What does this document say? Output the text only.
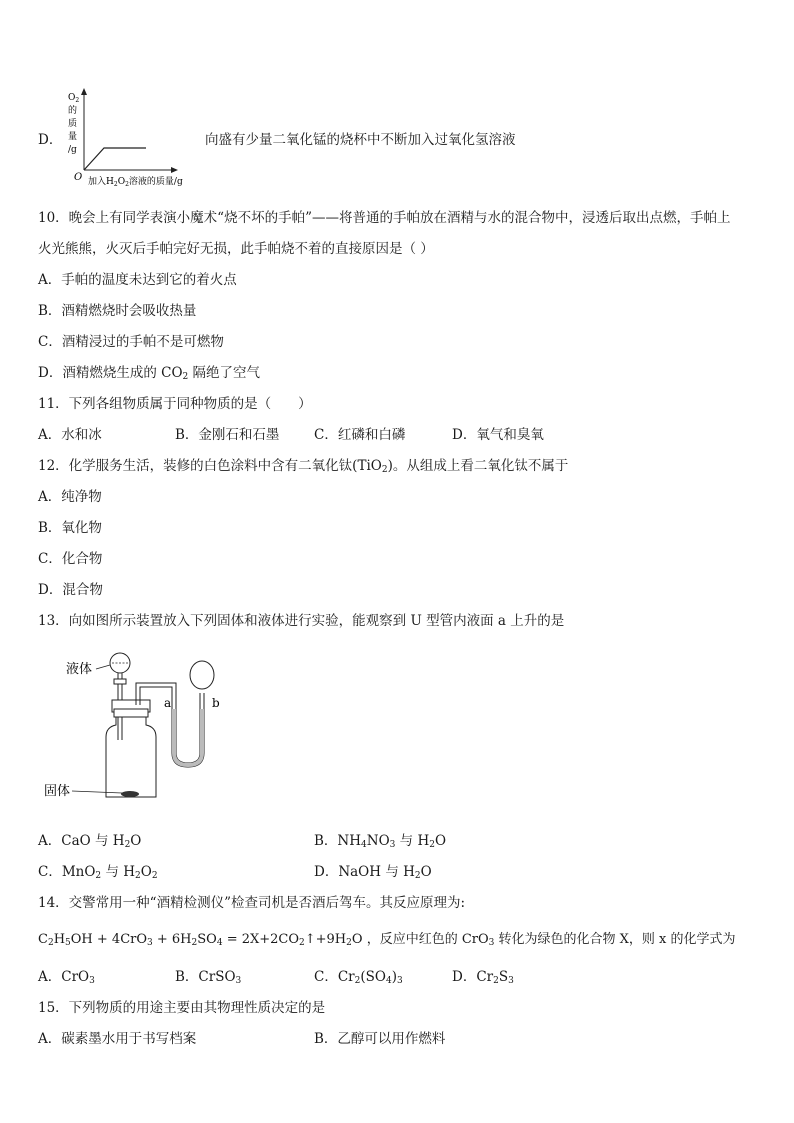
D．
$O_2$
的
质
量
/g
O 加入$H_2O_2$溶液的质量/g
向盛有少量二氧化锰的烧杯中不断加入过氧化氢溶液
10．晚会上有同学表演小魔术“烧不坏的手帕”——将普通的手帕放在酒精与水的混合物中，浸透后取出点燃，手帕上
火光熊熊，火灭后手帕完好无损，此手帕烧不着的直接原因是（ ）
A．手帕的温度未达到它的着火点
B．酒精燃烧时会吸收热量
C．酒精浸过的手帕不是可燃物
D．酒精燃烧生成的 $CO_2$ 隔绝了空气
11．下列各组物质属于同种物质的是（　　）
A．水和冰	B．金刚石和石墨	C．红磷和白磷	D．氧气和臭氧
12．化学服务生活，装修的白色涂料中含有二氧化钛(TiO$_2$)。从组成上看二氧化钛不属于
A．纯净物
B．氧化物
C．化合物
D．混合物
13．向如图所示装置放入下列固体和液体进行实验，能观察到 U 型管内液面 a 上升的是
液体
固体
a	b
A．CaO 与 $H_2O$	B．$NH_4NO_3$ 与 $H_2O$
C．MnO$_2$ 与 $H_2O_2$	D．NaOH 与 $H_2O$
14．交警常用一种“酒精检测仪”检查司机是否酒后驾车。其反应原理为:
$C_2H_5OH + 4CrO_3 + 6H_2SO_4$ = $2X+2CO_2↑+9H_2O$ ，反应中红色的 CrO$_3$ 转化为绿色的化合物 X，则 x 的化学式为
A．CrO$_3$	B．CrSO$_3$	C．$Cr_2(SO_4)_3$	D．$Cr_2S_3$
15．下列物质的用途主要由其物理性质决定的是
A．碳素墨水用于书写档案	B．乙醇可以用作燃料
